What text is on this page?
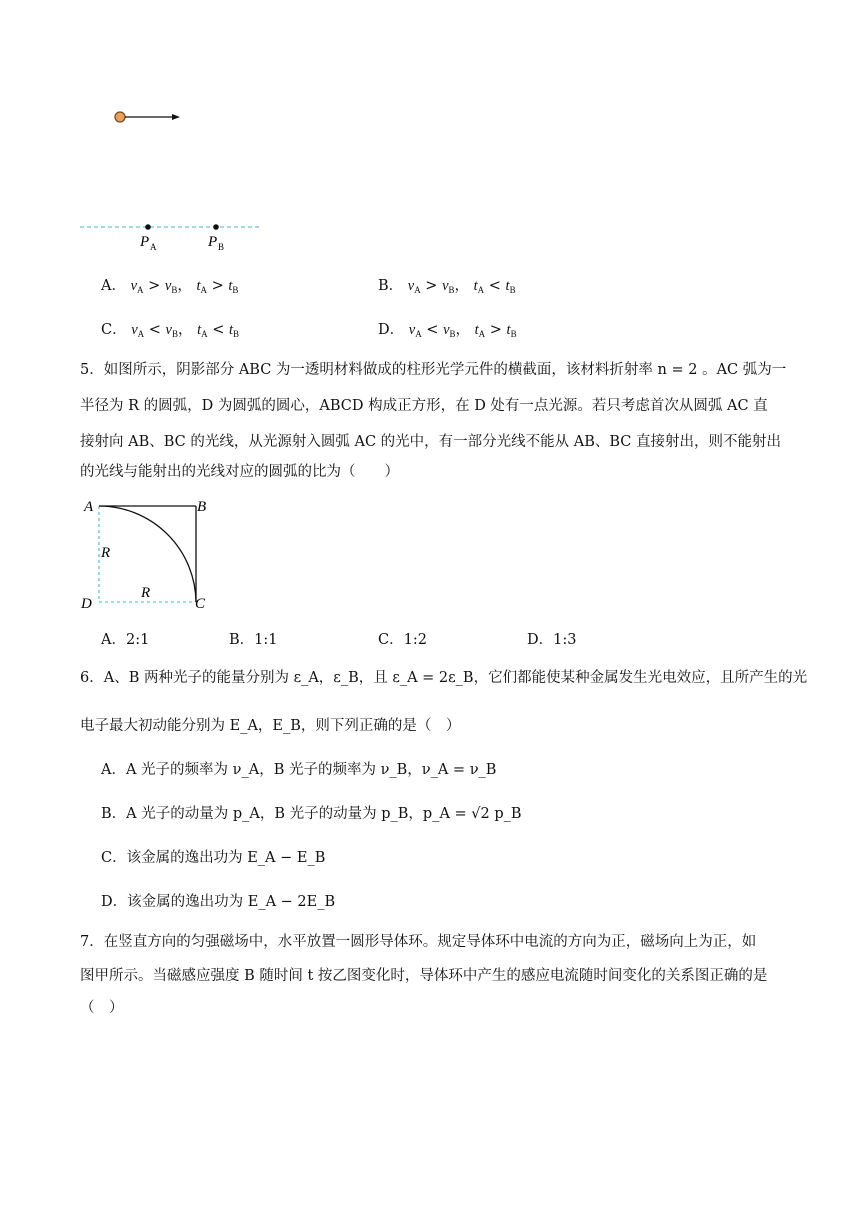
P A	P B
A． $v_A > v_B$， $t_A > t_B$	B． $v_A > v_B$， $t_A < t_B$
C． $v_A < v_B$， $t_A < t_B$	D． $v_A < v_B$， $t_A > t_B$
5．如图所示，阴影部分 ABC 为一透明材料做成的柱形光学元件的横截面，该材料折射率 n = 2 。AC 弧为一
半径为 R 的圆弧，D 为圆弧的圆心，ABCD 构成正方形，在 D 处有一点光源。若只考虑首次从圆弧 AC 直
接射向 AB、BC 的光线，从光源射入圆弧 AC 的光中，有一部分光线不能从 AB、BC 直接射出，则不能射出
的光线与能射出的光线对应的圆弧的比为（　　）
A	B
C
D
R
R
A．2:1	B．1:1	C．1:2	D．1:3
6．A、B 两种光子的能量分别为 ε_A，ε_B，且 ε_A = 2ε_B，它们都能使某种金属发生光电效应，且所产生的光
电子最大初动能分别为 E_A，E_B，则下列正确的是（　）
A．A 光子的频率为 ν_A，B 光子的频率为 ν_B，ν_A = ν_B
B．A 光子的动量为 p_A，B 光子的动量为 p_B，p_A = √2 p_B
C．该金属的逸出功为 E_A − E_B
D．该金属的逸出功为 E_A − 2E_B
7．在竖直方向的匀强磁场中，水平放置一圆形导体环。规定导体环中电流的方向为正，磁场向上为正，如
图甲所示。当磁感应强度 B 随时间 t 按乙图变化时，导体环中产生的感应电流随时间变化的关系图正确的是
（　）
